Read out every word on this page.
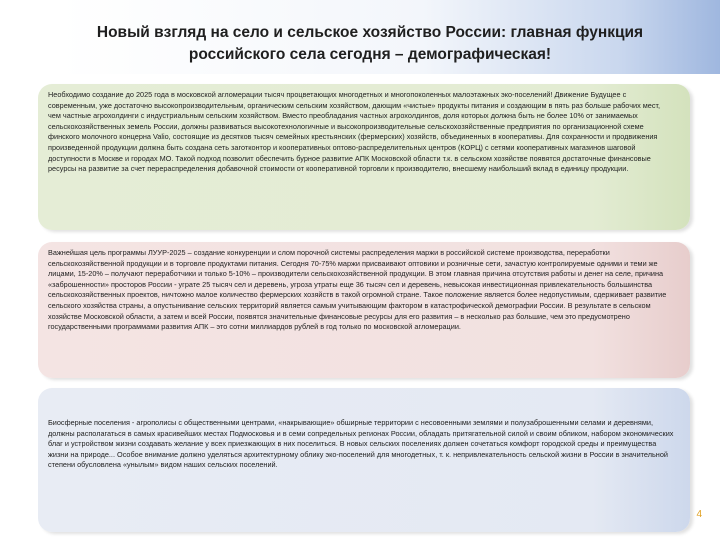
Новый взгляд на село и сельское хозяйство России: главная функция российского села сегодня – демографическая!
Необходимо создание до 2025 года в московской агломерации тысяч процветающих многодетных и многопоколенных малоэтажных эко-поселений! Движение Будущее с современным, уже достаточно высокопроизводительным, органическим сельским хозяйством, дающим «чистые» продукты питания и создающим в пять раз больше рабочих мест, чем частные агрохолдинги с индустриальным сельским хозяйством. Вместо преобладания частных агрохолдингов, доля которых должна быть не более 10% от занимаемых сельскохозяйственных земель России, должны развиваться высокотехнологичные и высокопроизводительные сельскохозяйственные предприятия по организационной схеме финского молочного концерна Valio, состоящие из десятков тысяч семейных крестьянских (фермерских) хозяйств, объединенных в кооперативы. Для сохранности и продвижения произведенной продукции должна быть создана сеть заготконтор и кооперативных оптово-распределительных центров (КОРЦ) с сетями кооперативных магазинов шаговой доступности в Москве и городах МО. Такой подход позволит обеспечить бурное развитие АПК Московской области т.к. в сельском хозяйстве появятся достаточные финансовые ресурсы на развитие за счет перераспределения добавочной стоимости от кооперативной торговли к производителю, внесшему наибольший вклад в единицу продукции.
Важнейшая цель программы ЛУУР-2025 – создание конкуренции и слом порочной системы распределения маржи в российской системе производства, переработки сельскохозяйственной продукции и в торговле продуктами питания. Сегодня 70-75% маржи присваивают оптовики и розничные сети, зачастую контролируемые одними и теми же лицами, 15-20% – получают переработчики и только 5-10% – производители сельскохозяйственной продукции. В этом главная причина отсутствия работы и денег на селе, причина «заброшенности» просторов России - уграте 25 тысяч сел и деревень, угроза утраты еще 36 тысяч сел и деревень, невысокая инвестиционная привлекательность большинства сельскохозяйственных проектов, ничтожно малое количество фермерских хозяйств в такой огромной стране. Такое положение является более недопустимым, сдерживает развитие сельского хозяйства страны, а опустынивание сельских территорий является самым учитывающим фактором в катастрофической демографии России. В результате в сельском хозяйстве Московской области, а затем и всей России, появятся значительные финансовые ресурсы для его развития – в несколько раз большие, чем это предусмотрено государственными программами развития АПК – это сотни миллиардов рублей в год только по московской агломерации.
Биосферные поселения - агрополисы с общественными центрами, «накрывающие» обширные территории с несовоенными землями и полузаброшенными селами и деревнями, должны располагаться в самых красивейших местах Подмосковья и в семи сопредельных регионах России, обладать притягательной силой и своим обликом, набором экономических благ и устройством жизни создавать желание у всех приезжающих в них поселиться. В новых сельских поселениях должен сочетаться комфорт городской среды и преимущества жизни на природе... Особое внимание должно уделяться архитектурному облику эко-поселений для многодетных, т. к. непривлекательность сельской жизни в России в значительной степени обусловлена «унылым» видом наших сельских поселений.
4
